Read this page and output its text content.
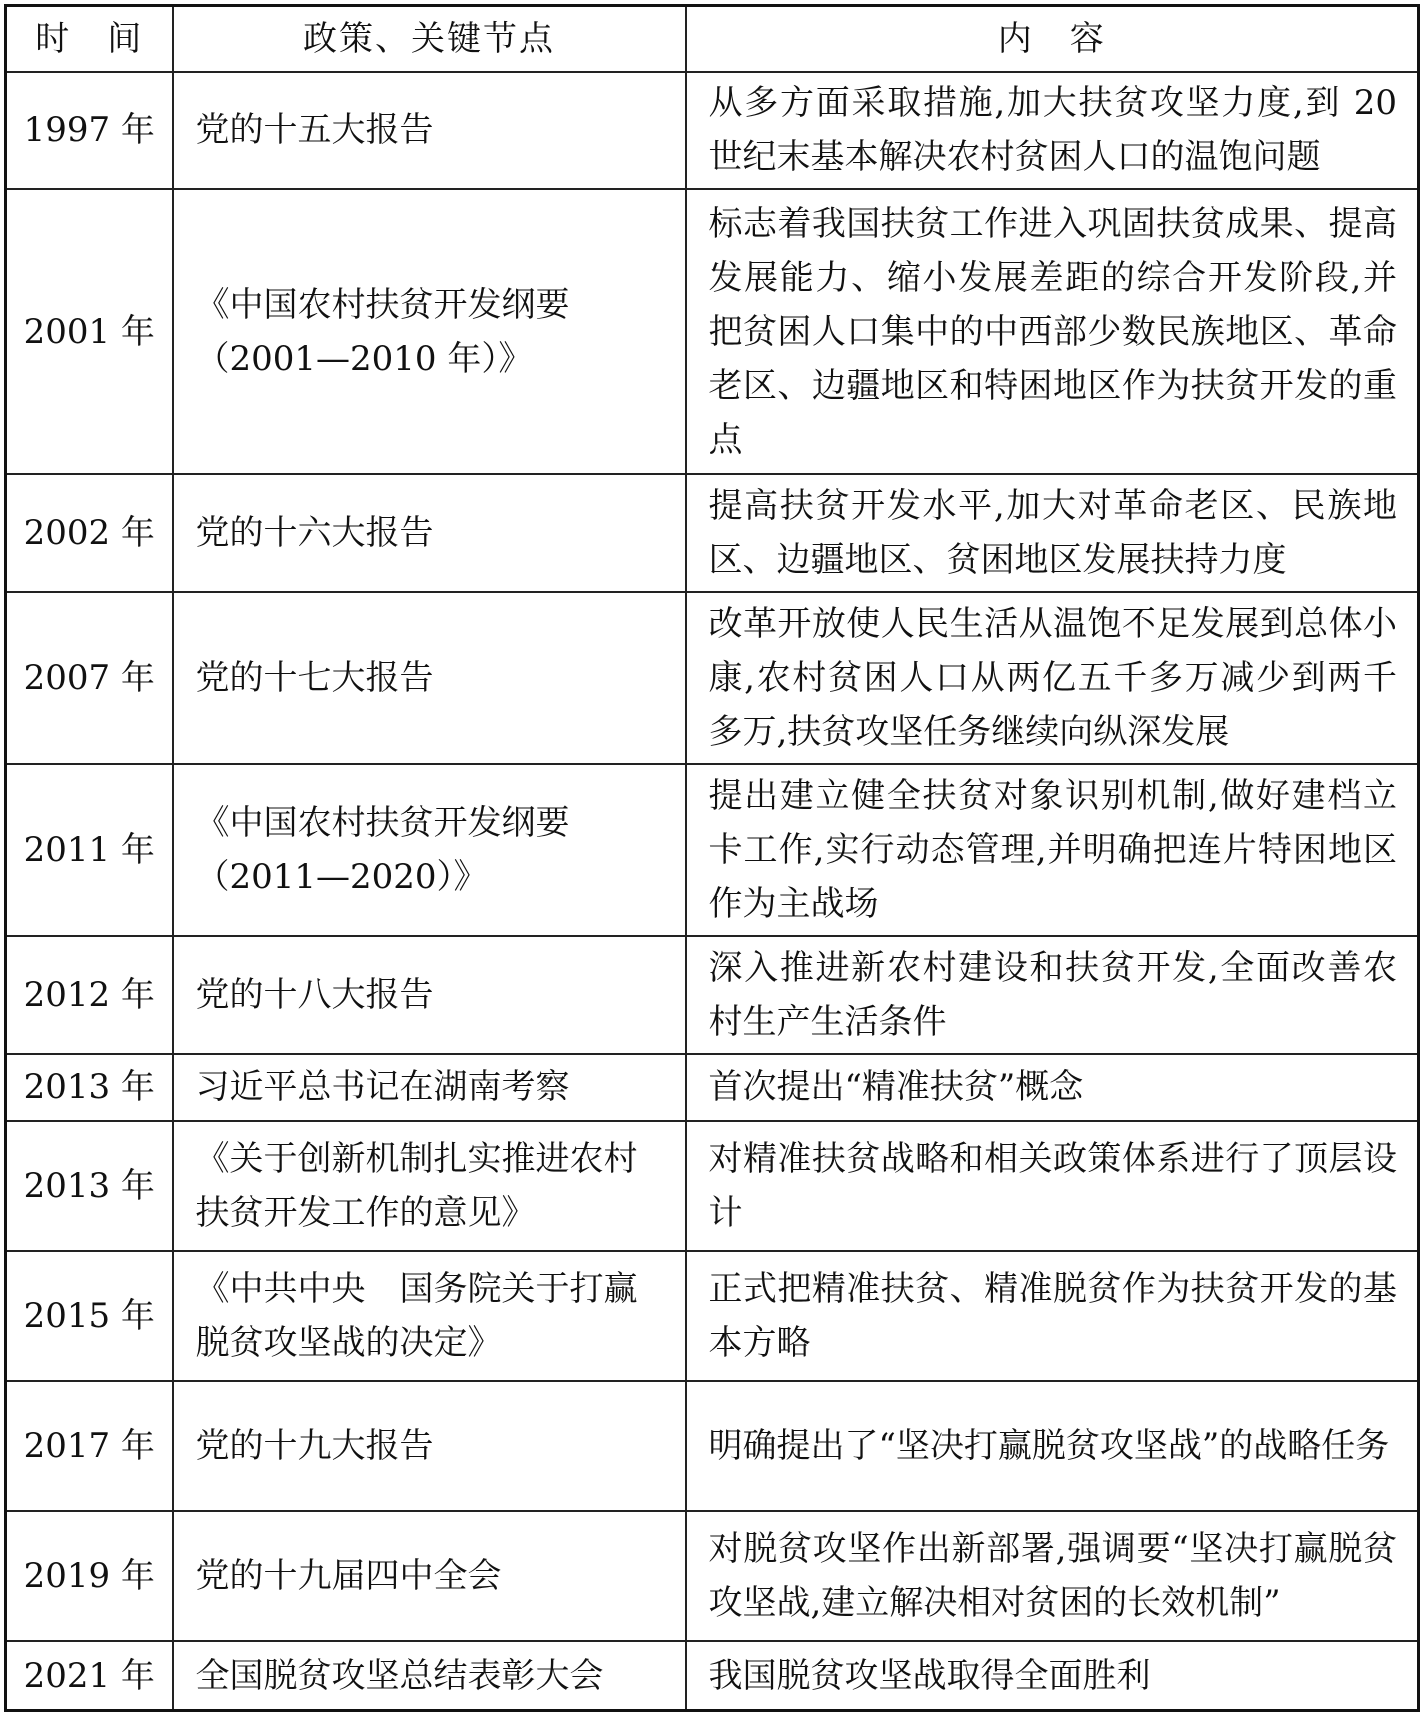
时　间	政策、关键节点	内　容
1997 年	党的十五大报告	从多方面采取措施,加大扶贫攻坚力度,到 20 世纪末基本解决农村贫困人口的温饱问题
2001 年	《中国农村扶贫开发纲要（2001—2010 年）》	标志着我国扶贫工作进入巩固扶贫成果、提高发展能力、缩小发展差距的综合开发阶段,并把贫困人口集中的中西部少数民族地区、革命老区、边疆地区和特困地区作为扶贫开发的重点
2002 年	党的十六大报告	提高扶贫开发水平,加大对革命老区、民族地区、边疆地区、贫困地区发展扶持力度
2007 年	党的十七大报告	改革开放使人民生活从温饱不足发展到总体小康,农村贫困人口从两亿五千多万减少到两千多万,扶贫攻坚任务继续向纵深发展
2011 年	《中国农村扶贫开发纲要（2011—2020）》	提出建立健全扶贫对象识别机制,做好建档立卡工作,实行动态管理,并明确把连片特困地区作为主战场
2012 年	党的十八大报告	深入推进新农村建设和扶贫开发,全面改善农村生产生活条件
2013 年	习近平总书记在湖南考察	首次提出“精准扶贫”概念
2013 年	《关于创新机制扎实推进农村扶贫开发工作的意见》	对精准扶贫战略和相关政策体系进行了顶层设计
2015 年	《中共中央　国务院关于打赢脱贫攻坚战的决定》	正式把精准扶贫、精准脱贫作为扶贫开发的基本方略
2017 年	党的十九大报告	明确提出了“坚决打赢脱贫攻坚战”的战略任务
2019 年	党的十九届四中全会	对脱贫攻坚作出新部署,强调要“坚决打赢脱贫攻坚战,建立解决相对贫困的长效机制”
2021 年	全国脱贫攻坚总结表彰大会	我国脱贫攻坚战取得全面胜利
